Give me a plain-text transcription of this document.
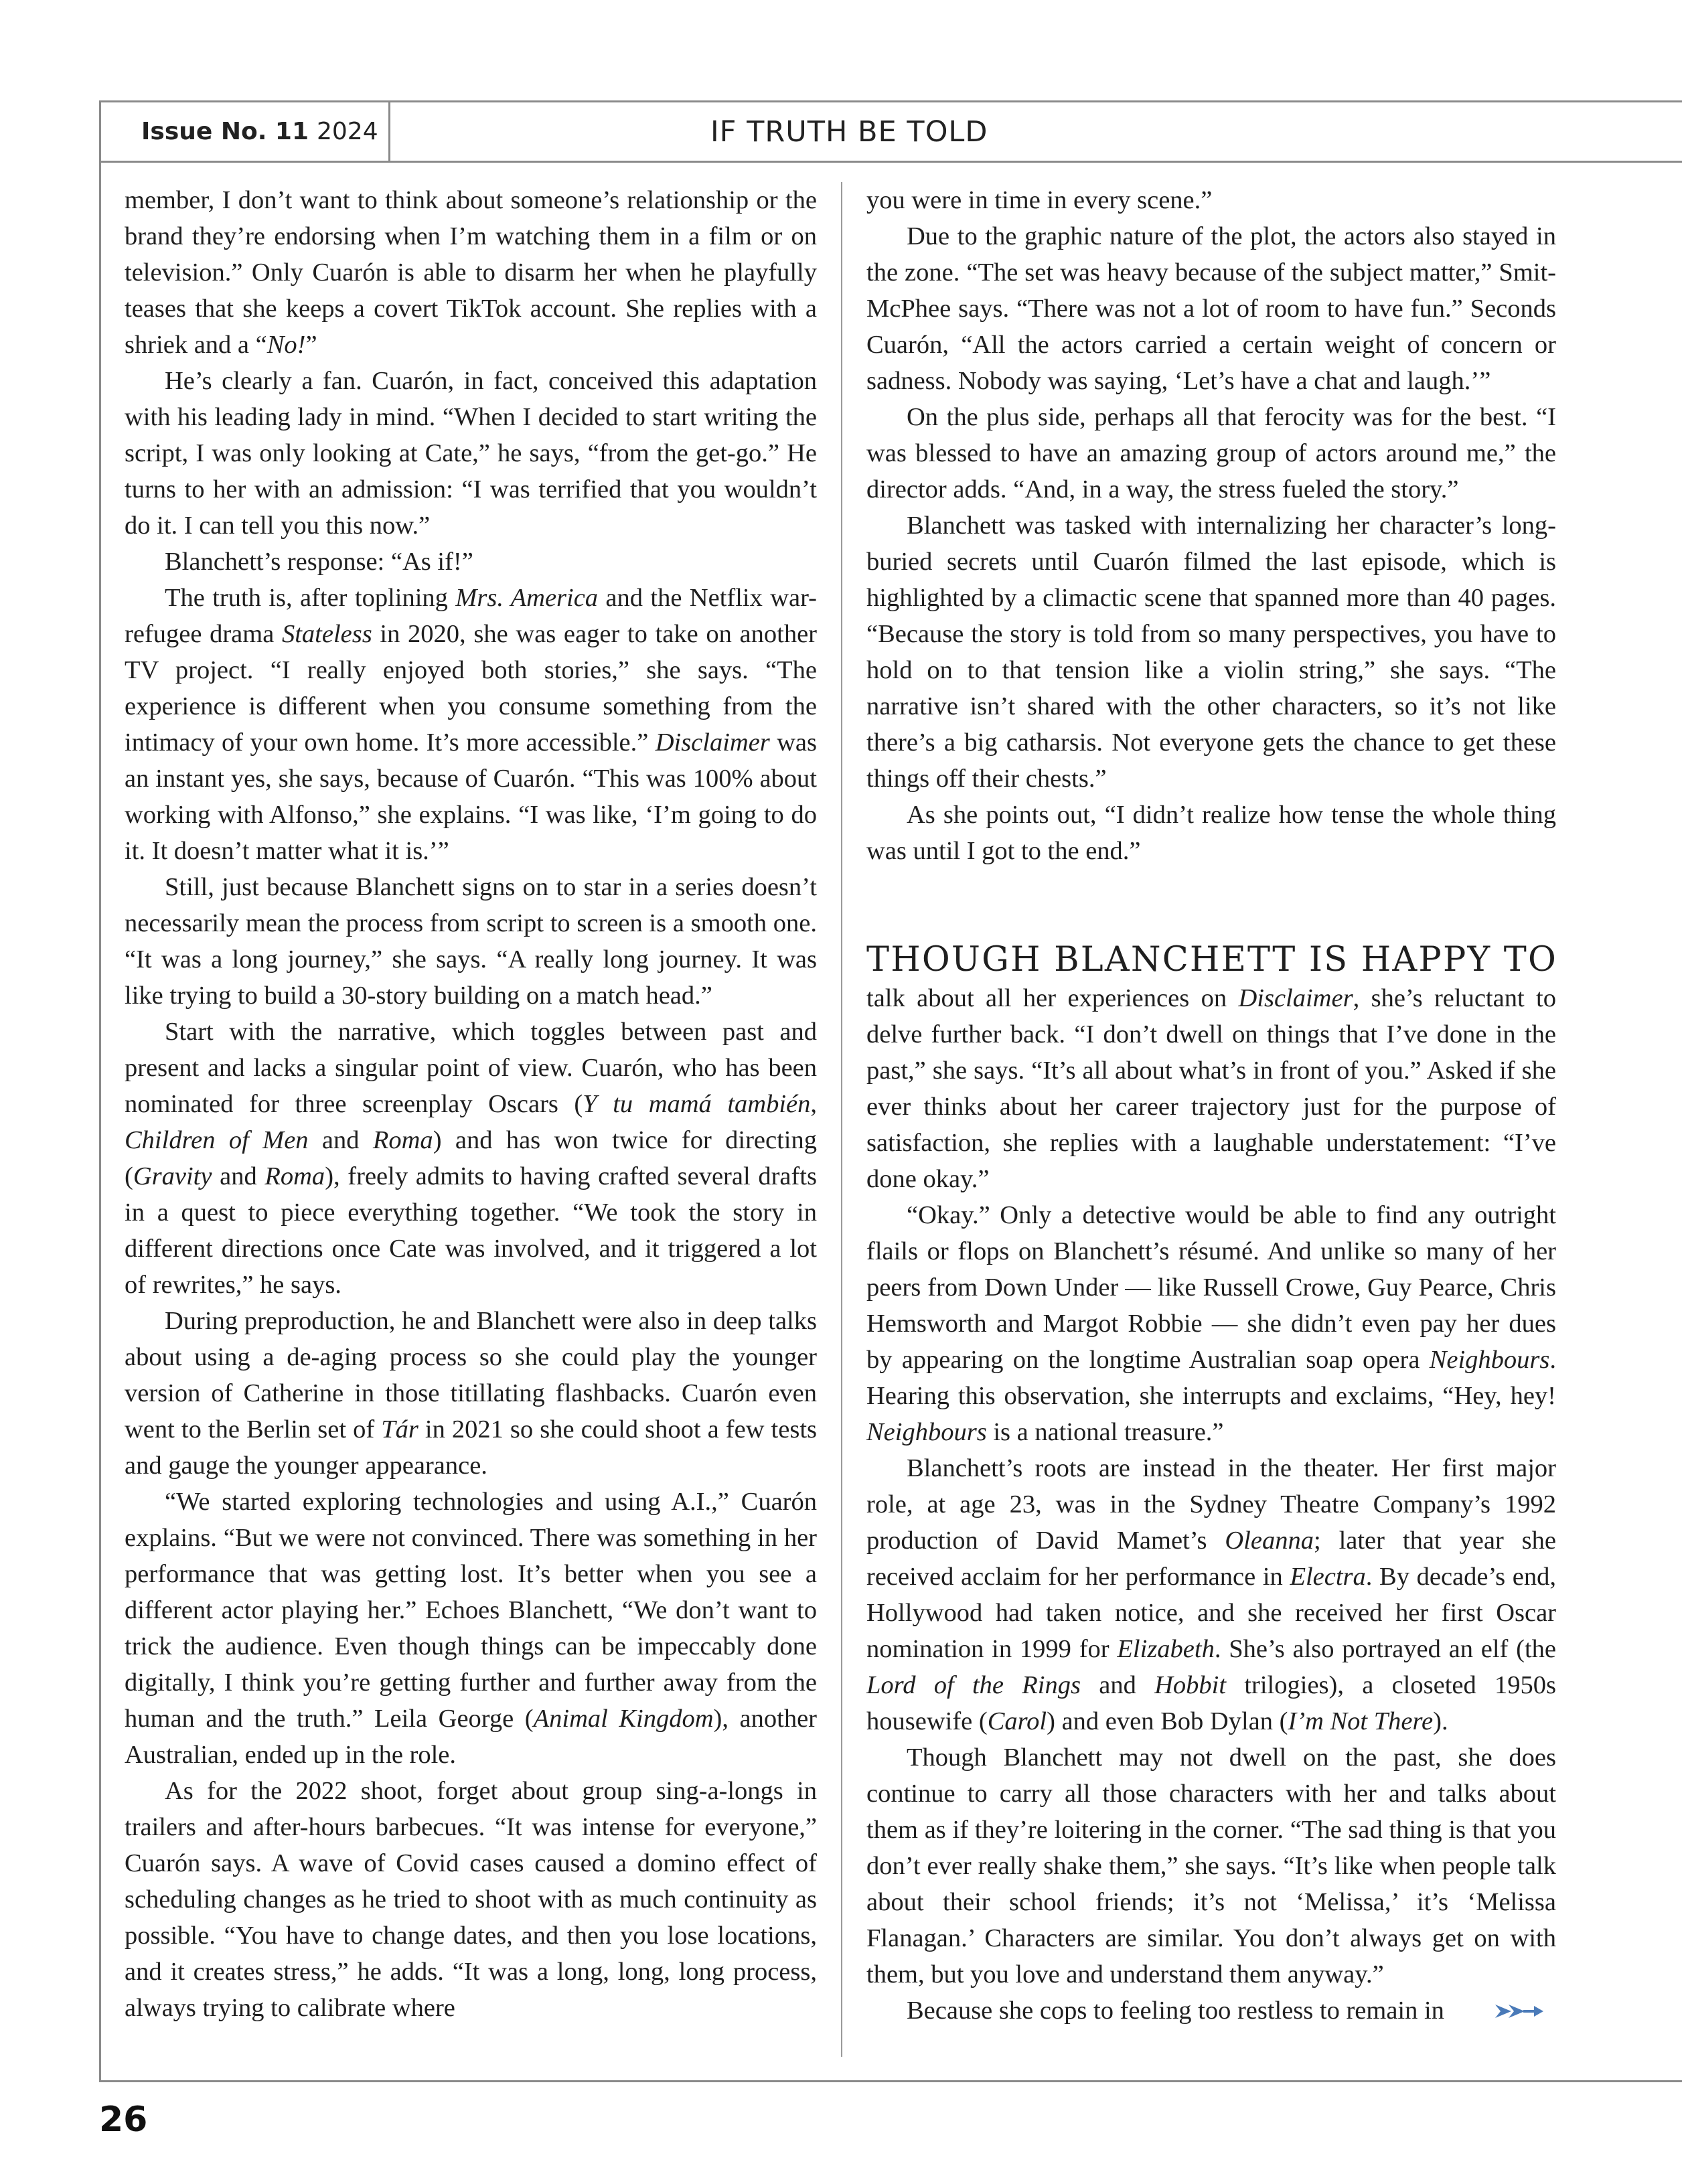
Issue No. 11 2024	IF TRUTH BE TOLD

member, I don’t want to think about someone’s relationship or the brand they’re endorsing when I’m watching them in a film or on television.” Only Cuarón is able to disarm her when he playfully teases that she keeps a covert TikTok account. She replies with a shriek and a “No!”

He’s clearly a fan. Cuarón, in fact, conceived this adaptation with his leading lady in mind. “When I decided to start writing the script, I was only looking at Cate,” he says, “from the get-go.” He turns to her with an admission: “I was terrified that you wouldn’t do it. I can tell you this now.”

Blanchett’s response: “As if!”

The truth is, after toplining Mrs. America and the Netflix war-refugee drama Stateless in 2020, she was eager to take on another TV project. “I really enjoyed both stories,” she says. “The experience is different when you consume something from the intimacy of your own home. It’s more accessible.” Disclaimer was an instant yes, she says, because of Cuarón. “This was 100% about working with Alfonso,” she explains. “I was like, ‘I’m going to do it. It doesn’t matter what it is.’”

Still, just because Blanchett signs on to star in a series doesn’t necessarily mean the process from script to screen is a smooth one. “It was a long journey,” she says. “A really long journey. It was like trying to build a 30-story building on a match head.”

Start with the narrative, which toggles between past and present and lacks a singular point of view. Cuarón, who has been nominated for three screenplay Oscars (Y tu mamá también, Children of Men and Roma) and has won twice for directing (Gravity and Roma), freely admits to having crafted several drafts in a quest to piece everything together. “We took the story in different directions once Cate was involved, and it triggered a lot of rewrites,” he says.

During preproduction, he and Blanchett were also in deep talks about using a de-aging process so she could play the younger version of Catherine in those titillating flashbacks. Cuarón even went to the Berlin set of Tár in 2021 so she could shoot a few tests and gauge the younger appearance.

“We started exploring technologies and using A.I.,” Cuarón explains. “But we were not convinced. There was something in her performance that was getting lost. It’s better when you see a different actor playing her.” Echoes Blanchett, “We don’t want to trick the audience. Even though things can be impeccably done digitally, I think you’re getting further and further away from the human and the truth.” Leila George (Animal Kingdom), another Australian, ended up in the role.

As for the 2022 shoot, forget about group sing-a-longs in trailers and after-hours barbecues. “It was intense for everyone,” Cuarón says. A wave of Covid cases caused a domino effect of scheduling changes as he tried to shoot with as much continuity as possible. “You have to change dates, and then you lose locations, and it creates stress,” he adds. “It was a long, long, long process, always trying to calibrate where

you were in time in every scene.”

Due to the graphic nature of the plot, the actors also stayed in the zone. “The set was heavy because of the subject matter,” Smit-McPhee says. “There was not a lot of room to have fun.” Seconds Cuarón, “All the actors carried a certain weight of concern or sadness. Nobody was saying, ‘Let’s have a chat and laugh.’”

On the plus side, perhaps all that ferocity was for the best. “I was blessed to have an amazing group of actors around me,” the director adds. “And, in a way, the stress fueled the story.”

Blanchett was tasked with internalizing her character’s long-buried secrets until Cuarón filmed the last episode, which is highlighted by a climactic scene that spanned more than 40 pages. “Because the story is told from so many perspectives, you have to hold on to that tension like a violin string,” she says. “The narrative isn’t shared with the other characters, so it’s not like there’s a big catharsis. Not everyone gets the chance to get these things off their chests.”

As she points out, “I didn’t realize how tense the whole thing was until I got to the end.”

THOUGH BLANCHETT IS HAPPY TO

talk about all her experiences on Disclaimer, she’s reluctant to delve further back. “I don’t dwell on things that I’ve done in the past,” she says. “It’s all about what’s in front of you.” Asked if she ever thinks about her career trajectory just for the purpose of satisfaction, she replies with a laughable understatement: “I’ve done okay.”

“Okay.” Only a detective would be able to find any outright flails or flops on Blanchett’s résumé. And unlike so many of her peers from Down Under — like Russell Crowe, Guy Pearce, Chris Hemsworth and Margot Robbie — she didn’t even pay her dues by appearing on the longtime Australian soap opera Neighbours. Hearing this observation, she interrupts and exclaims, “Hey, hey! Neighbours is a national treasure.”

Blanchett’s roots are instead in the theater. Her first major role, at age 23, was in the Sydney Theatre Company’s 1992 production of David Mamet’s Oleanna; later that year she received acclaim for her performance in Electra. By decade’s end, Hollywood had taken notice, and she received her first Oscar nomination in 1999 for Elizabeth. She’s also portrayed an elf (the Lord of the Rings and Hobbit trilogies), a closeted 1950s housewife (Carol) and even Bob Dylan (I’m Not There).

Though Blanchett may not dwell on the past, she does continue to carry all those characters with her and talks about them as if they’re loitering in the corner. “The sad thing is that you don’t ever really shake them,” she says. “It’s like when people talk about their school friends; it’s not ‘Melissa,’ it’s ‘Melissa Flanagan.’ Characters are similar. You don’t always get on with them, but you love and understand them anyway.”

Because she cops to feeling too restless to remain in

26
